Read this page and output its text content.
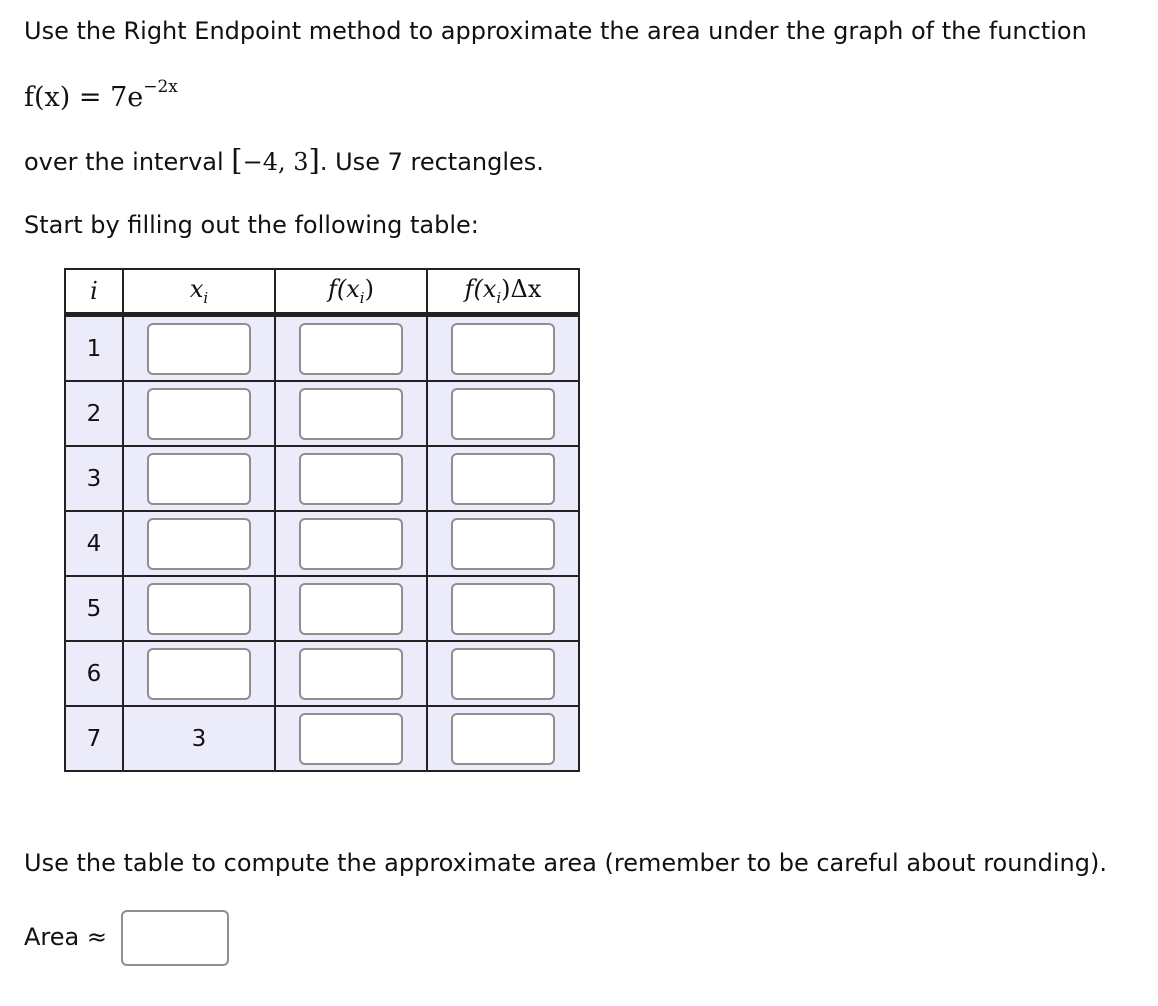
Use the Right Endpoint method to approximate the area under the graph of the function
$f(x) = 7e^{-2x}$
over the interval [−4, 3]. Use 7 rectangles.
Start by filling out the following table:
i	$x_i$	$f(x_i)$	$f(x_i)\Delta x$
1	

2	

3	

4	

5	

6	

7	3	

Use the table to compute the approximate area (remember to be careful about rounding).
Area ≈
